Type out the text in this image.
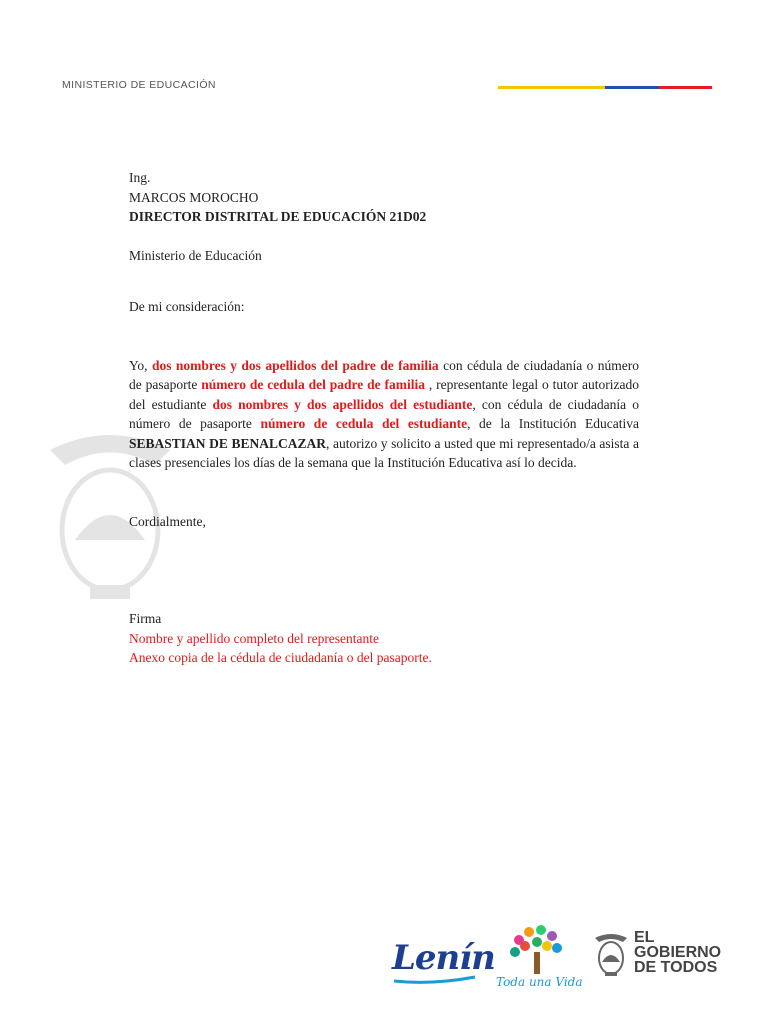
MINISTERIO DE EDUCACIÓN

Ing.

MARCOS MOROCHO

DIRECTOR DISTRITAL DE EDUCACIÓN 21D02

Ministerio de Educación

De mi consideración:

Yo, dos nombres y dos apellidos del padre de familia con cédula de ciudadanía o número de pasaporte número de cedula del padre de familia , representante legal o tutor autorizado del estudiante dos nombres y dos apellidos del estudiante, con cédula de ciudadanía o número de pasaporte número de cedula del estudiante, de la Institución Educativa SEBASTIAN DE BENALCAZAR, autorizo y solicito a usted que mi representado/a asista a clases presenciales los días de la semana que la Institución Educativa así lo decida.

Cordialmente,

Firma

Nombre y apellido completo del representante

Anexo copia de la cédula de ciudadanía o del pasaporte.

Lenín
Toda una Vida
EL
GOBIERNO
DE TODOS
